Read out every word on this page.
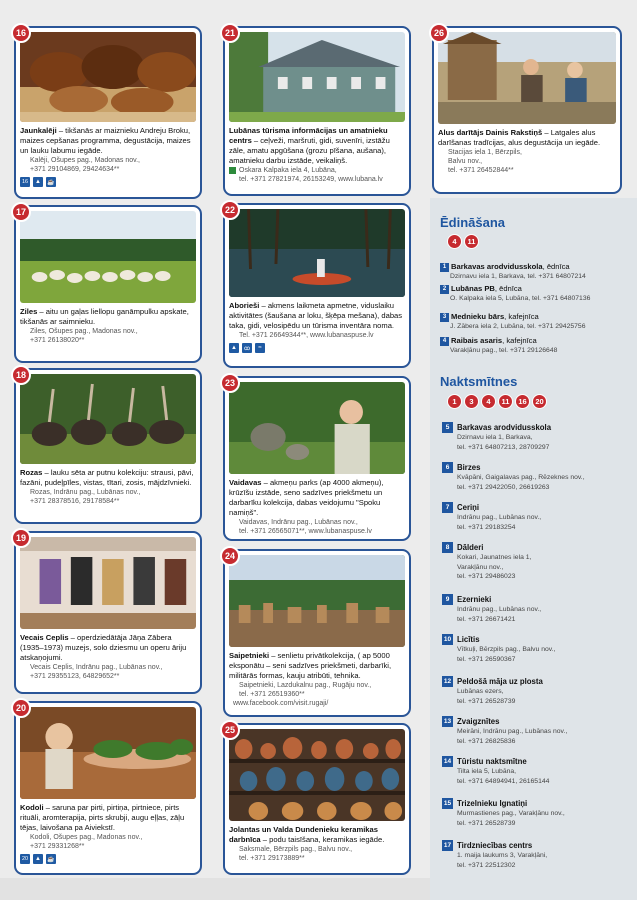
16
Jaunkalēji – tikšanās ar maiznieku Andreju Broku, maizes cepšanas programma, degustācija, maizes un lauku labumu iegāde.
Kalēji, Ošupes pag., Madonas nov.,
+371 29104869, 29424634**
16	▲	☕
17
Ziles – aitu un gaļas liellopu ganāmpulku apskate, tikšanās ar saimnieku.
Ziles, Ošupes pag., Madonas nov.,
+371 26138020**
18
Rozas – lauku sēta ar putnu kolekciju: strausi, pāvi, fazāni, pudeļpīles, vistas, tītari, zosis, mājdzīvnieki.
Rozas, Indrānu pag., Lubānas nov.,
+371 28378516, 29178584**
19
Vecais Ceplis – operdziedātāja Jāņa Zābera (1935–1973) muzejs, solo dziesmu un operu āriju atskaņojumi.
Vecais Ceplis, Indrānu pag., Lubānas nov.,
+371 29355123, 64829652**
20
Kodoli – saruna par pirti, pirtiņa, pirtniece, pirts rituāli, aromterapija, pirts skrubji, augu eļļas, zāļu tējas, laivošana pa Aiviekstī.
Kodoli, Ošupes pag., Madonas nov.,
+371 29331268**
20	▲	☕
21
Lubānas tūrisma informācijas un amatnieku centrs – ceļveži, maršruti, gidi, suvenīri, izstāžu zāle, amatu apgūšana (grozu pīšana, aušana), amatnieku darbu izstāde, veikaliņš.
Oskara Kalpaka iela 4, Lubāna,
tel. +371 27821974, 26153249, www.lubana.lv
22
Aborieši – akmens laikmeta apmetne, viduslaiku aktivitātes (šaušana ar loku, šķēpa mešana), dabas taka, gidi, velosipēdu un tūrisma inventāra noma.
Tel. +371 26649344**, www.lubanaspuse.lv
▲	ꝏ	≈
23
Vaidavas – akmeņu parks (ap 4000 akmeņu), krūzīšu izstāde, seno sadzīves priekšmetu un darbarīku kolekcija, dabas veidojumu "Spoku namiņš".
Vaidavas, Indrānu pag., Lubānas nov.,
tel. +371 26565071**, www.lubanaspuse.lv
24
Saipetnieki – senlietu privātkolekcija, ( ap 5000 eksponātu – seni sadzīves priekšmeti, darbarīki, militārās formas, kauju atribūti, tehnika.
Saipetnieki, Lazdukalnu pag., Rugāju nov.,
tel. +371 26519360**
www.facebook.com/visit.rugaji/
25
Jolantas un Valda Dundenieku keramikas darbnīca – podu taisīšana, keramikas iegāde.
Saksmale, Bērzpils pag., Balvu nov.,
tel. +371 29173889**
26
Alus darītājs Dainis Rakstiņš – Latgales alus darīšanas tradīcijas, alus degustācija un iegāde.
Stacijas iela 1, Bērzpils,
Balvu nov.,
tel. +371 26452844**
Ēdināšana
4	11
1 Barkavas arodvidusskola, ēdnīca
Dzirnavu iela 1, Barkava, tel. +371 64807214
2 Lubānas PB, ēdnīca
O. Kalpaka iela 5, Lubāna, tel. +371 64807136
3 Mednieku bārs, kafejnīca
J. Zābera iela 2, Lubāna, tel. +371 29425756
4 Raibais asaris, kafejnīca
Varakļānu pag., tel. +371 29126648
Naktsmītnes
1	3	4	11	16	20
5 Barkavas arodvidusskola
Dzirnavu iela 1, Barkava,
tel. +371 64807213, 28709297
6 Birzes
Kvāpāni, Gaigalavas pag., Rēzeknes nov.,
tel. +371 29422050, 26619263
7 Ceriņi
Indrānu pag., Lubānas nov.,
tel. +371 29183254
8 Dālderi
Kokari, Jaunatnes iela 1,
Varakļānu nov.,
tel. +371 29486023
9 Ezernieki
Indrānu pag., Lubānas nov.,
tel. +371 26671421
10 Licītis
Vītkuļi, Bērzpils pag., Balvu nov.,
tel. +371 26590367
12 Peldošā māja uz plosta
Lubānas ezers,
tel. +371 26528739
13 Zvaigznītes
Meirāni, Indrānu pag., Lubānas nov.,
tel. +371 26825836
14 Tūristu naktsmītne
Tilta iela 5, Lubāna,
tel. +371 64894941, 26165144
15 Trizelnieku Ignatiņi
Murmastienes pag., Varakļānu nov.,
tel. +371 26528739
17 Tirdzniecības centrs
1. maija laukums 3, Varakļāni,
tel. +371 22512302
